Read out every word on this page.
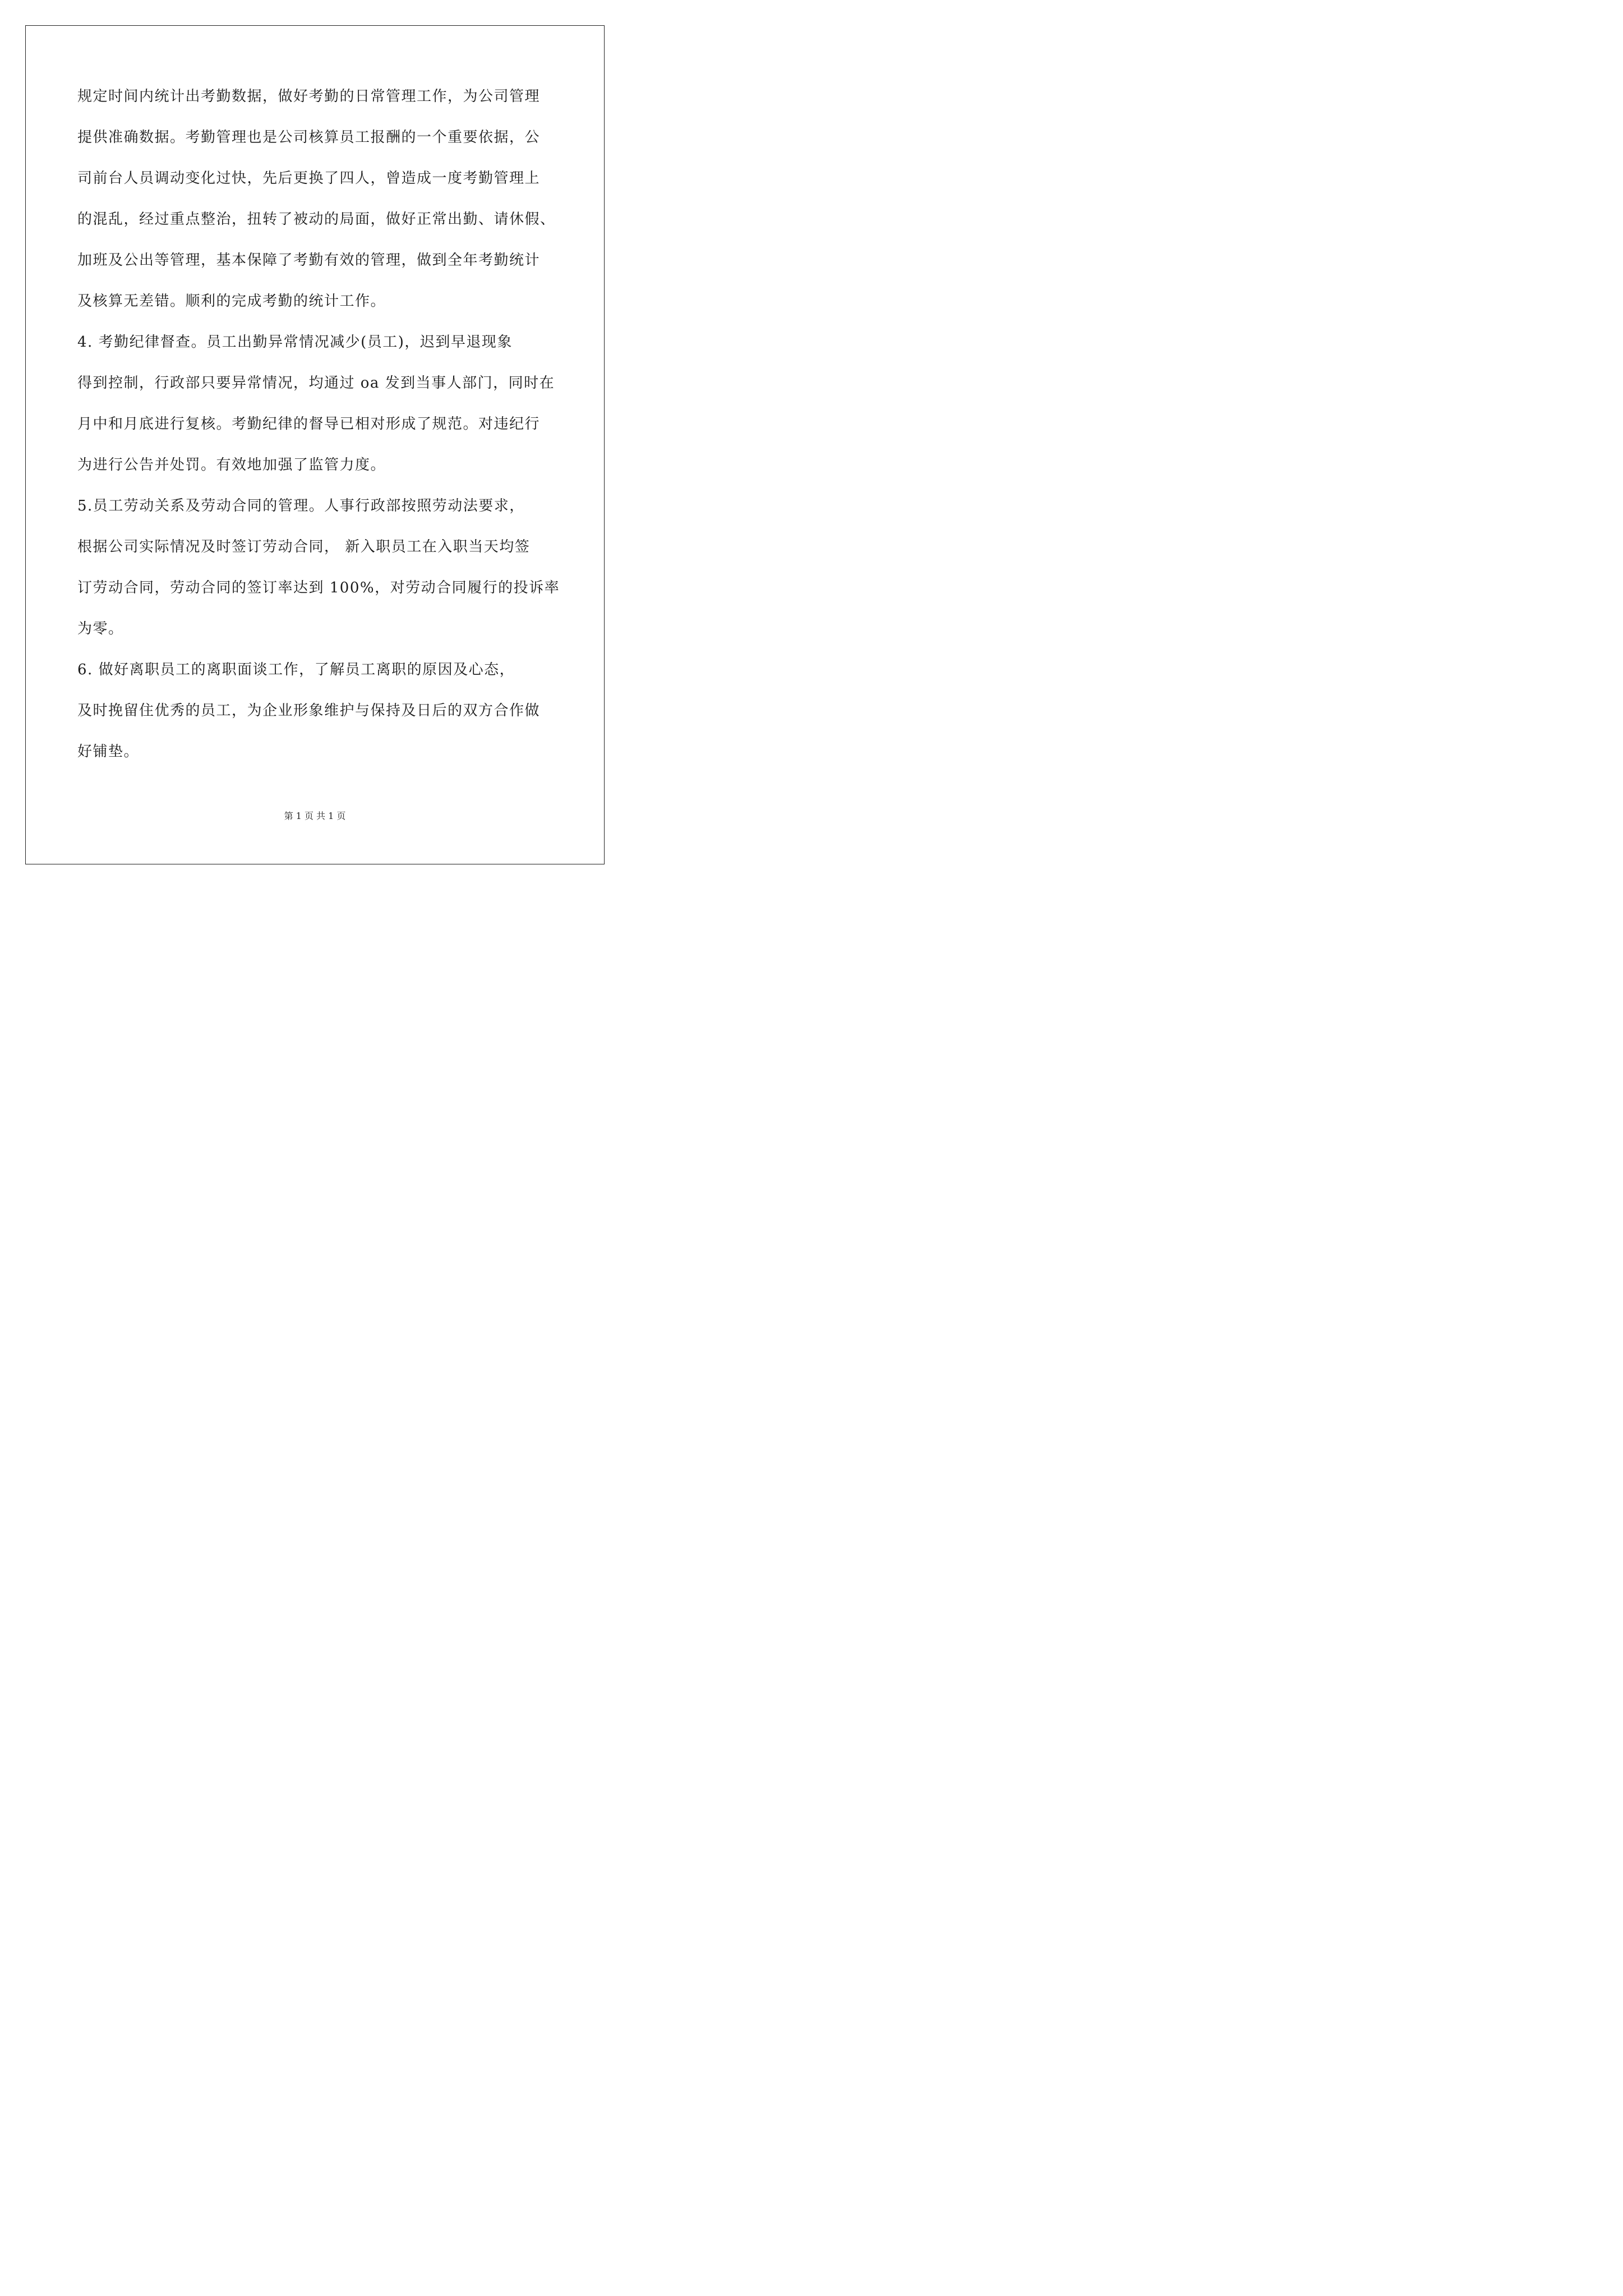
规定时间内统计出考勤数据，做好考勤的日常管理工作，为公司管理
提供准确数据。考勤管理也是公司核算员工报酬的一个重要依据，公
司前台人员调动变化过快，先后更换了四人，曾造成一度考勤管理上
的混乱，经过重点整治，扭转了被动的局面，做好正常出勤、请休假、
加班及公出等管理，基本保障了考勤有效的管理，做到全年考勤统计
及核算无差错。顺利的完成考勤的统计工作。
4. 考勤纪律督查。员工出勤异常情况减少(员工)，迟到早退现象
得到控制，行政部只要异常情况，均通过 oa 发到当事人部门，同时在
月中和月底进行复核。考勤纪律的督导已相对形成了规范。对违纪行
为进行公告并处罚。有效地加强了监管力度。
5.员工劳动关系及劳动合同的管理。人事行政部按照劳动法要求，
根据公司实际情况及时签订劳动合同， 新入职员工在入职当天均签
订劳动合同，劳动合同的签订率达到 100%，对劳动合同履行的投诉率
为零。
6. 做好离职员工的离职面谈工作，了解员工离职的原因及心态，
及时挽留住优秀的员工，为企业形象维护与保持及日后的双方合作做
好铺垫。
第 1 页 共 1 页
